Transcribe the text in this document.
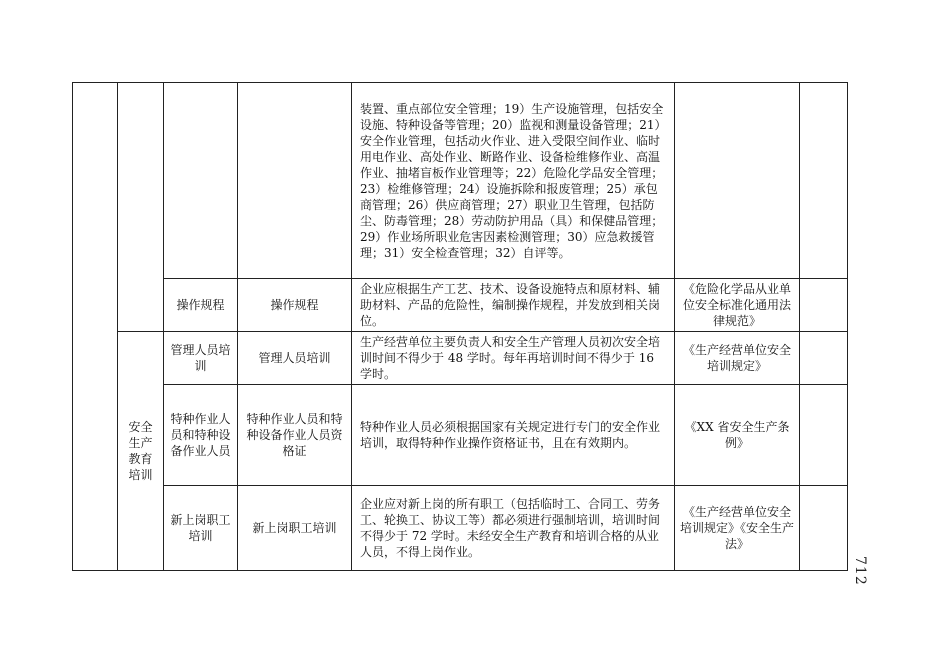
				装置、重点部位安全管理；19）生产设施管理，包括安全设施、特种设备等管理；20）监视和测量设备管理；21）安全作业管理，包括动火作业、进入受限空间作业、临时用电作业、高处作业、断路作业、设备检维修作业、高温作业、抽堵盲板作业管理等；22）危险化学品安全管理；23）检维修管理；24）设施拆除和报废管理；25）承包商管理；26）供应商管理；27）职业卫生管理，包括防尘、防毒管理；28）劳动防护用品（具）和保健品管理；29）作业场所职业危害因素检测管理；30）应急救援管理；31）安全检查管理；32）自评等。		
		操作规程	操作规程	企业应根据生产工艺、技术、设备设施特点和原材料、辅助材料、产品的危险性，编制操作规程，并发放到相关岗位。	《危险化学品从业单位安全标准化通用法律规范》	
	安全生产教育培训	管理人员培训	管理人员培训	生产经营单位主要负责人和安全生产管理人员初次安全培训时间不得少于 48 学时。每年再培训时间不得少于 16 学时。	《生产经营单位安全培训规定》	
		特种作业人员和特种设备作业人员	特种作业人员和特种设备作业人员资格证	特种作业人员必须根据国家有关规定进行专门的安全作业培训，取得特种作业操作资格证书，且在有效期内。	《XX 省安全生产条例》	
		新上岗职工培训	新上岗职工培训	企业应对新上岗的所有职工（包括临时工、合同工、劳务工、轮换工、协议工等）都必须进行强制培训，培训时间不得少于 72 学时。未经安全生产教育和培训合格的从业人员，不得上岗作业。	《生产经营单位安全培训规定》《安全生产法》	
712
